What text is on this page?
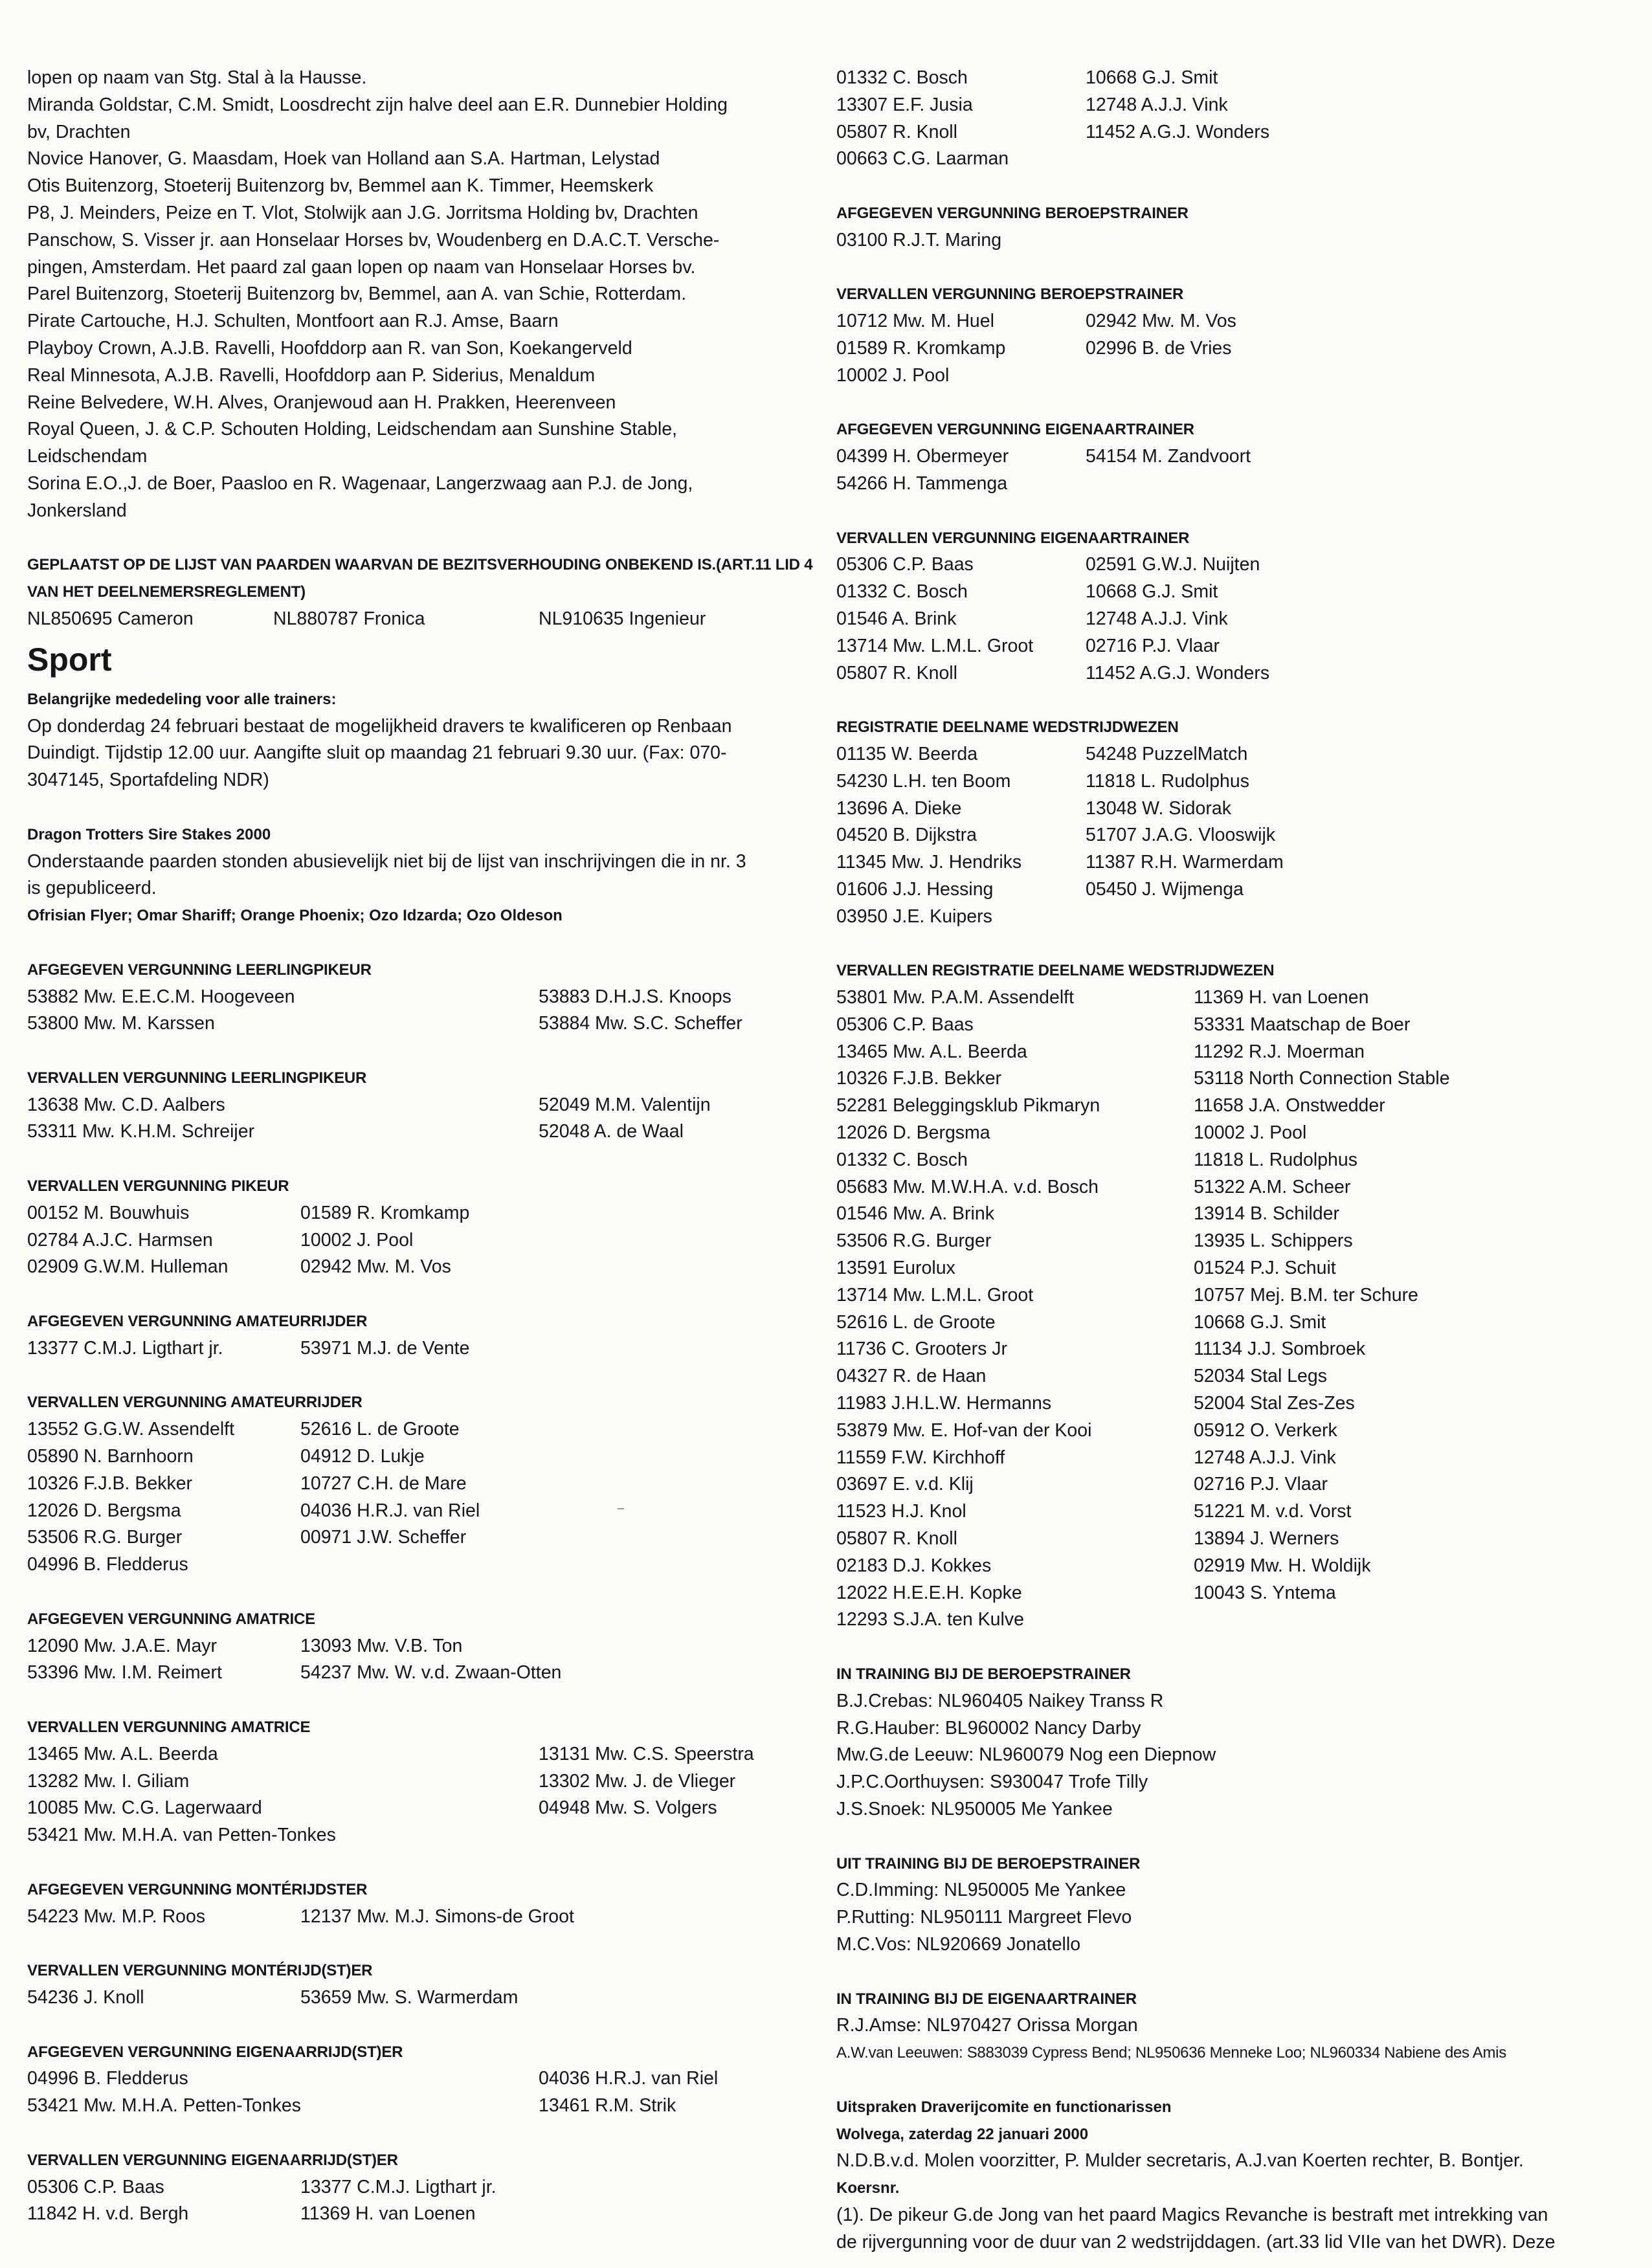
lopen op naam van Stg. Stal à la Hausse.
Miranda Goldstar, C.M. Smidt, Loosdrecht zijn halve deel aan E.R. Dunnebier Holding
bv, Drachten
Novice Hanover, G. Maasdam, Hoek van Holland aan S.A. Hartman, Lelystad
Otis Buitenzorg, Stoeterij Buitenzorg bv, Bemmel aan K. Timmer, Heemskerk
P8, J. Meinders, Peize en T. Vlot, Stolwijk aan J.G. Jorritsma Holding bv, Drachten
Panschow, S. Visser jr. aan Honselaar Horses bv, Woudenberg en D.A.C.T. Versche-
pingen, Amsterdam. Het paard zal gaan lopen op naam van Honselaar Horses bv.
Parel Buitenzorg, Stoeterij Buitenzorg bv, Bemmel, aan A. van Schie, Rotterdam.
Pirate Cartouche, H.J. Schulten, Montfoort aan R.J. Amse, Baarn
Playboy Crown, A.J.B. Ravelli, Hoofddorp aan R. van Son, Koekangerveld
Real Minnesota, A.J.B. Ravelli, Hoofddorp aan P. Siderius, Menaldum
Reine Belvedere, W.H. Alves, Oranjewoud aan H. Prakken, Heerenveen
Royal Queen, J. & C.P. Schouten Holding, Leidschendam aan Sunshine Stable,
Leidschendam
Sorina E.O.,J. de Boer, Paasloo en R. Wagenaar, Langerzwaag aan P.J. de Jong,
Jonkersland
GEPLAATST OP DE LIJST VAN PAARDEN WAARVAN DE BEZITSVERHOUDING ONBEKEND IS.(ART.11 LID 4
VAN HET DEELNEMERSREGLEMENT)
NL850695 Cameron	NL880787 Fronica	NL910635 Ingenieur
Sport
Belangrijke mededeling voor alle trainers:
Op donderdag 24 februari bestaat de mogelijkheid dravers te kwalificeren op Renbaan
Duindigt. Tijdstip 12.00 uur. Aangifte sluit op maandag 21 februari 9.30 uur. (Fax: 070-
3047145, Sportafdeling NDR)
Dragon Trotters Sire Stakes 2000
Onderstaande paarden stonden abusievelijk niet bij de lijst van inschrijvingen die in nr. 3
is gepubliceerd.
Ofrisian Flyer; Omar Shariff; Orange Phoenix; Ozo Idzarda; Ozo Oldeson
AFGEGEVEN VERGUNNING LEERLINGPIKEUR
53882 Mw. E.E.C.M. Hoogeveen	53883 D.H.J.S. Knoops
53800 Mw. M. Karssen	53884 Mw. S.C. Scheffer
VERVALLEN VERGUNNING LEERLINGPIKEUR
13638 Mw. C.D. Aalbers	52049 M.M. Valentijn
53311 Mw. K.H.M. Schreijer	52048 A. de Waal
VERVALLEN VERGUNNING PIKEUR
00152 M. Bouwhuis	01589 R. Kromkamp
02784 A.J.C. Harmsen	10002 J. Pool
02909 G.W.M. Hulleman	02942 Mw. M. Vos
AFGEGEVEN VERGUNNING AMATEURRIJDER
13377 C.M.J. Ligthart jr.	53971 M.J. de Vente
VERVALLEN VERGUNNING AMATEURRIJDER
13552 G.G.W. Assendelft	52616 L. de Groote
05890 N. Barnhoorn	04912 D. Lukje
10326 F.J.B. Bekker	10727 C.H. de Mare
12026 D. Bergsma	04036 H.R.J. van Riel
53506 R.G. Burger	00971 J.W. Scheffer
04996 B. Fledderus
AFGEGEVEN VERGUNNING AMATRICE
12090 Mw. J.A.E. Mayr	13093 Mw. V.B. Ton
53396 Mw. I.M. Reimert	54237 Mw. W. v.d. Zwaan-Otten
VERVALLEN VERGUNNING AMATRICE
13465 Mw. A.L. Beerda	13131 Mw. C.S. Speerstra
13282 Mw. I. Giliam	13302 Mw. J. de Vlieger
10085 Mw. C.G. Lagerwaard	04948 Mw. S. Volgers
53421 Mw. M.H.A. van Petten-Tonkes
AFGEGEVEN VERGUNNING MONTÉRIJDSTER
54223 Mw. M.P. Roos	12137 Mw. M.J. Simons-de Groot
VERVALLEN VERGUNNING MONTÉRIJD(ST)ER
54236 J. Knoll	53659 Mw. S. Warmerdam
AFGEGEVEN VERGUNNING EIGENAARRIJD(ST)ER
04996 B. Fledderus	04036 H.R.J. van Riel
53421 Mw. M.H.A. Petten-Tonkes	13461 R.M. Strik
VERVALLEN VERGUNNING EIGENAARRIJD(ST)ER
05306 C.P. Baas	13377 C.M.J. Ligthart jr.
11842 H. v.d. Bergh	11369 H. van Loenen
01332 C. Bosch	10668 G.J. Smit
13307 E.F. Jusia	12748 A.J.J. Vink
05807 R. Knoll	11452 A.G.J. Wonders
00663 C.G. Laarman
AFGEGEVEN VERGUNNING BEROEPSTRAINER
03100 R.J.T. Maring
VERVALLEN VERGUNNING BEROEPSTRAINER
10712 Mw. M. Huel	02942 Mw. M. Vos
01589 R. Kromkamp	02996 B. de Vries
10002 J. Pool
AFGEGEVEN VERGUNNING EIGENAARTRAINER
04399 H. Obermeyer	54154 M. Zandvoort
54266 H. Tammenga
VERVALLEN VERGUNNING EIGENAARTRAINER
05306 C.P. Baas	02591 G.W.J. Nuijten
01332 C. Bosch	10668 G.J. Smit
01546 A. Brink	12748 A.J.J. Vink
13714 Mw. L.M.L. Groot	02716 P.J. Vlaar
05807 R. Knoll	11452 A.G.J. Wonders
REGISTRATIE DEELNAME WEDSTRIJDWEZEN
01135 W. Beerda	54248 PuzzelMatch
54230 L.H. ten Boom	11818 L. Rudolphus
13696 A. Dieke	13048 W. Sidorak
04520 B. Dijkstra	51707 J.A.G. Vlooswijk
11345 Mw. J. Hendriks	11387 R.H. Warmerdam
01606 J.J. Hessing	05450 J. Wijmenga
03950 J.E. Kuipers
VERVALLEN REGISTRATIE DEELNAME WEDSTRIJDWEZEN
53801 Mw. P.A.M. Assendelft	11369 H. van Loenen
05306 C.P. Baas	53331 Maatschap de Boer
13465 Mw. A.L. Beerda	11292 R.J. Moerman
10326 F.J.B. Bekker	53118 North Connection Stable
52281 Beleggingsklub Pikmaryn	11658 J.A. Onstwedder
12026 D. Bergsma	10002 J. Pool
01332 C. Bosch	11818 L. Rudolphus
05683 Mw. M.W.H.A. v.d. Bosch	51322 A.M. Scheer
01546 Mw. A. Brink	13914 B. Schilder
53506 R.G. Burger	13935 L. Schippers
13591 Eurolux	01524 P.J. Schuit
13714 Mw. L.M.L. Groot	10757 Mej. B.M. ter Schure
52616 L. de Groote	10668 G.J. Smit
11736 C. Grooters Jr	11134 J.J. Sombroek
04327 R. de Haan	52034 Stal Legs
11983 J.H.L.W. Hermanns	52004 Stal Zes-Zes
53879 Mw. E. Hof-van der Kooi	05912 O. Verkerk
11559 F.W. Kirchhoff	12748 A.J.J. Vink
03697 E. v.d. Klij	02716 P.J. Vlaar
11523 H.J. Knol	51221 M. v.d. Vorst
05807 R. Knoll	13894 J. Werners
02183 D.J. Kokkes	02919 Mw. H. Woldijk
12022 H.E.E.H. Kopke	10043 S. Yntema
12293 S.J.A. ten Kulve
IN TRAINING BIJ DE BEROEPSTRAINER
B.J.Crebas: NL960405 Naikey Transs R
R.G.Hauber: BL960002 Nancy Darby
Mw.G.de Leeuw: NL960079 Nog een Diepnow
J.P.C.Oorthuysen: S930047 Trofe Tilly
J.S.Snoek: NL950005 Me Yankee
UIT TRAINING BIJ DE BEROEPSTRAINER
C.D.Imming: NL950005 Me Yankee
P.Rutting: NL950111 Margreet Flevo
M.C.Vos: NL920669 Jonatello
IN TRAINING BIJ DE EIGENAARTRAINER
R.J.Amse: NL970427 Orissa Morgan
A.W.van Leeuwen: S883039 Cypress Bend; NL950636 Menneke Loo; NL960334 Nabiene des Amis
Uitspraken Draverijcomite en functionarissen
Wolvega, zaterdag 22 januari 2000
N.D.B.v.d. Molen voorzitter, P. Mulder secretaris, A.J.van Koerten rechter, B. Bontjer.
Koersnr.
(1). De pikeur G.de Jong van het paard Magics Revanche is bestraft met intrekking van
de rijvergunning voor de duur van 2 wedstrijddagen. (art.33 lid VIIe van het DWR). Deze
